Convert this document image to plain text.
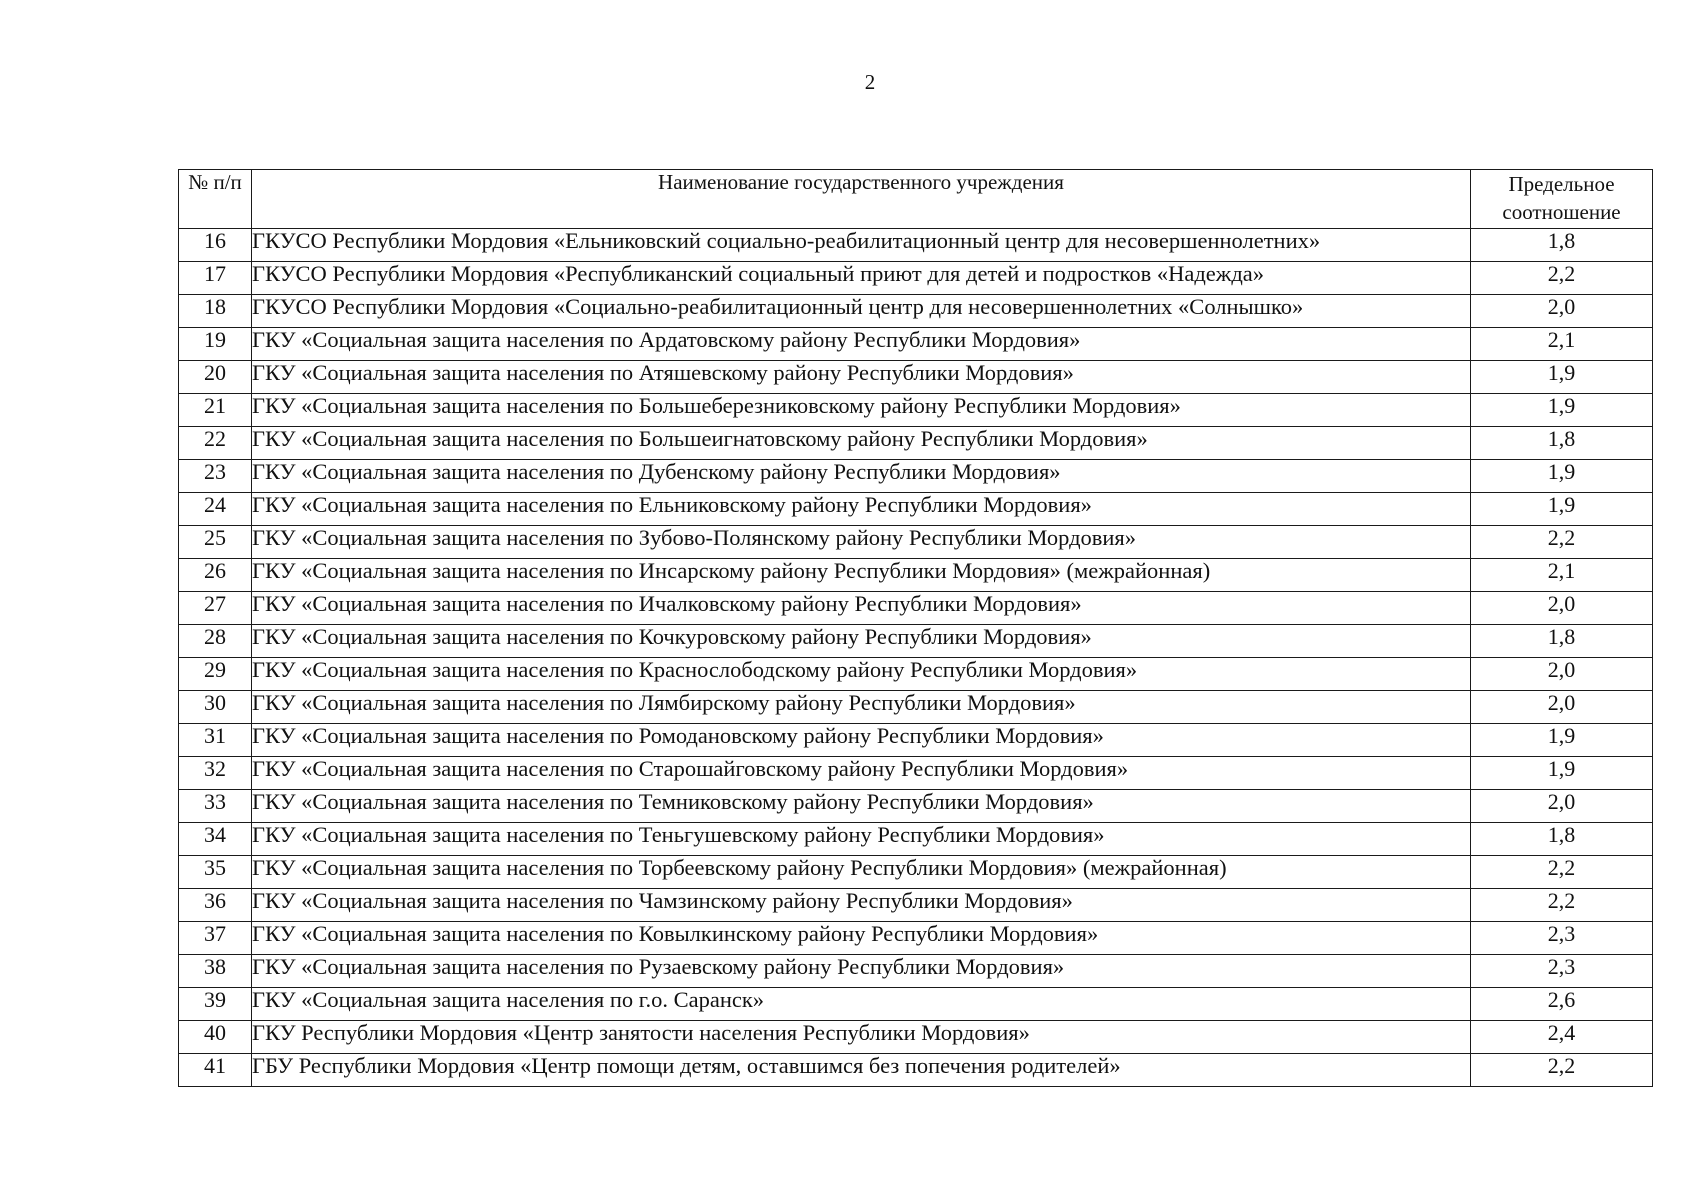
2
№ п/п	Наименование государственного учреждения	Предельное
соотношение
16	ГКУСО Республики Мордовия «Ельниковский социально-реабилитационный центр для несовершеннолетних»	1,8
17	ГКУСО Республики Мордовия «Республиканский социальный приют для детей и подростков «Надежда»	2,2
18	ГКУСО Республики Мордовия «Социально-реабилитационный центр для несовершеннолетних «Солнышко»	2,0
19	ГКУ «Социальная защита населения по Ардатовскому району Республики Мордовия»	2,1
20	ГКУ «Социальная защита населения по Атяшевскому району Республики Мордовия»	1,9
21	ГКУ «Социальная защита населения по Большеберезниковскому району Республики Мордовия»	1,9
22	ГКУ «Социальная защита населения по Большеигнатовскому району Республики Мордовия»	1,8
23	ГКУ «Социальная защита населения по Дубенскому району Республики Мордовия»	1,9
24	ГКУ «Социальная защита населения по Ельниковскому району Республики Мордовия»	1,9
25	ГКУ «Социальная защита населения по Зубово-Полянскому району Республики Мордовия»	2,2
26	ГКУ «Социальная защита населения по Инсарскому району Республики Мордовия» (межрайонная)	2,1
27	ГКУ «Социальная защита населения по Ичалковскому району Республики Мордовия»	2,0
28	ГКУ «Социальная защита населения по Кочкуровскому району Республики Мордовия»	1,8
29	ГКУ «Социальная защита населения по Краснослободскому району Республики Мордовия»	2,0
30	ГКУ «Социальная защита населения по Лямбирскому району Республики Мордовия»	2,0
31	ГКУ «Социальная защита населения по Ромодановскому району Республики Мордовия»	1,9
32	ГКУ «Социальная защита населения по Старошайговскому району Республики Мордовия»	1,9
33	ГКУ «Социальная защита населения по Темниковскому району Республики Мордовия»	2,0
34	ГКУ «Социальная защита населения по Теньгушевскому району Республики Мордовия»	1,8
35	ГКУ «Социальная защита населения по Торбеевскому району Республики Мордовия» (межрайонная)	2,2
36	ГКУ «Социальная защита населения по Чамзинскому району Республики Мордовия»	2,2
37	ГКУ «Социальная защита населения по Ковылкинскому району Республики Мордовия»	2,3
38	ГКУ «Социальная защита населения по Рузаевскому району Республики Мордовия»	2,3
39	ГКУ «Социальная защита населения по г.о. Саранск»	2,6
40	ГКУ Республики Мордовия «Центр занятости населения Республики Мордовия»	2,4
41	ГБУ Республики Мордовия «Центр помощи детям, оставшимся без попечения родителей»	2,2
